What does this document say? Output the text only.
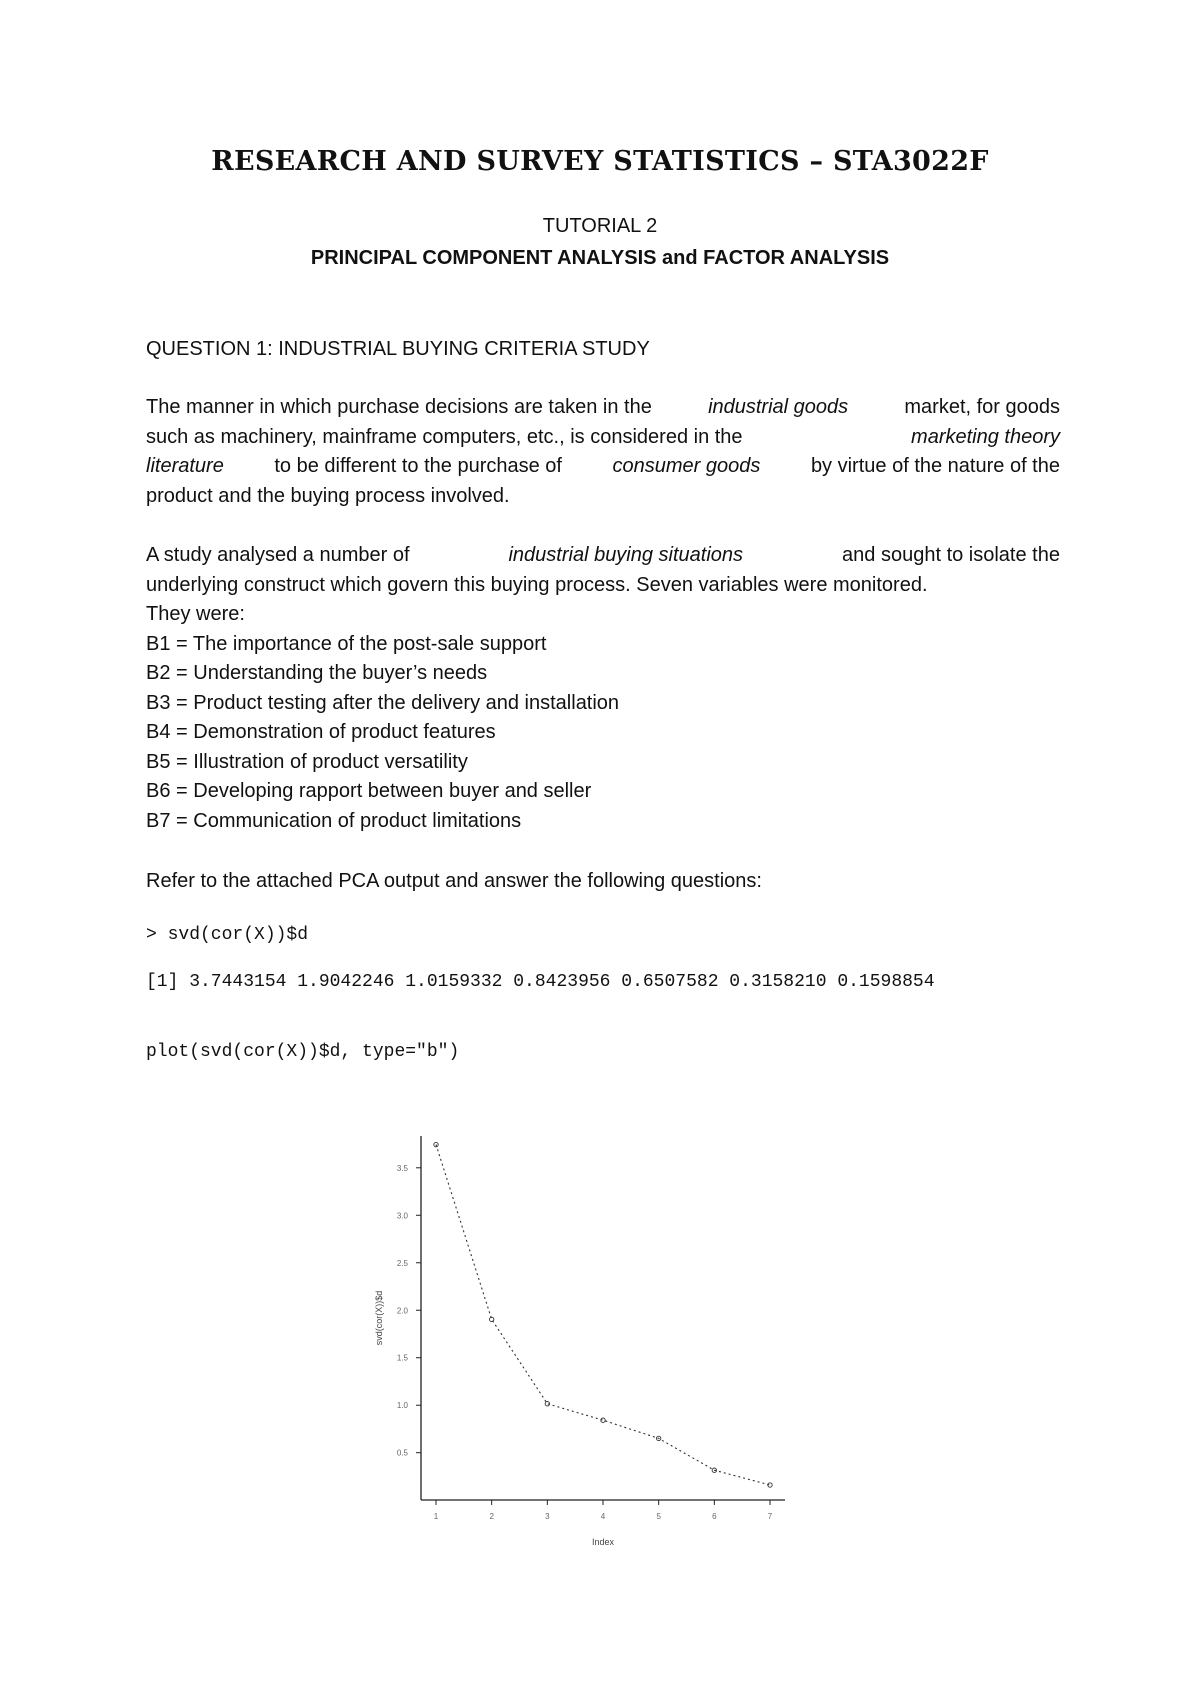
RESEARCH AND SURVEY STATISTICS – STA3022F
TUTORIAL 2
PRINCIPAL COMPONENT ANALYSIS and FACTOR ANALYSIS
QUESTION 1: INDUSTRIAL BUYING CRITERIA STUDY
The manner in which purchase decisions are taken in the	industrial goods	market, for goods
such as machinery, mainframe computers, etc., is considered in the	marketing theory
literature	to be different to the purchase of	consumer goods	by virtue of the nature of the
product and the buying process involved.
A study analysed a number of	industrial buying situations	and sought to isolate the
underlying construct which govern this buying process. Seven variables were monitored.
They were:
B1 = The importance of the post-sale support
B2 = Understanding the buyer’s needs
B3 = Product testing after the delivery and installation
B4 = Demonstration of product features
B5 = Illustration of product versatility
B6 = Developing rapport between buyer and seller
B7 = Communication of product limitations
Refer to the attached PCA output and answer the following questions:
> svd(cor(X))$d
[1] 3.7443154 1.9042246 1.0159332 0.8423956 0.6507582 0.3158210 0.1598854
plot(svd(cor(X))$d, type="b")
0.5
1.0
1.5
2.0
2.5
3.0
3.5
1	2	3	4	5	6	7
svd(cor(X))$d
Index
